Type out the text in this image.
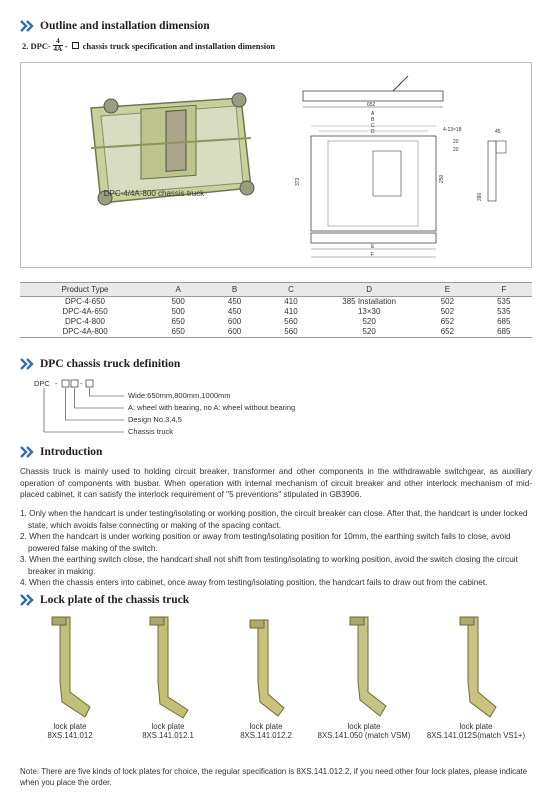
Outline and installation dimension
2. $DPC- \frac{4}{4A}$ - chassis truck specification and installation dimension
DPC-4/4A-800 chassis truck
652
A
B
C
D
373	250
E
F
4-13×18	45
280
20
20
Product Type	A	B	C	D	E	F
DPC-4-650	500	450	410	385 Installation	502	535
DPC-4A-650	500	450	410	13×30	502	535
DPC-4-800	650	600	560	520	652	685
DPC-4A-800	650	600	560	520	652	685
DPC chassis truck definition
DPC -	-
Wide:650mm,800mm,1000mm
A: wheel with bearing, no A: wheel without bearing
Design No.3,4,5
Chassis truck
Introduction

Chassis truck is mainly used to holding circuit breaker, transformer and other components in the withdrawable switchgear, as auxiliary operation of components with busbar. When operation with internal mechanism of circuit breaker and other interlock mechanism of mid-placed cabinet, it can satisfy the interlock requirement of "5 preventions" stipulated in GB3906.

1. Only when the handcart is under testing/isolating or working position, the circuit breaker can close. After that, the handcart is under locked state, which avoids false connecting or making of the spacing contact.
2. When the handcart is under working position or away from testing/isolating position for 10mm, the earthing switch fails to close, avoid powered false making of the switch.
3. When the earthing switch close, the handcart shall not shift from testing/isolating to working position, avoid the switch closing the circuit breaker in making.
4. When the chassis enters into cabinet, once away from testing/isolating position, the handcart fails to draw out from the cabinet.
Lock plate of the chassis truck
lock plate
8XS.141.012
lock plate
8XS.141.012.1
lock plate
8XS.141.012.2
lock plate
8XS.141.050 (match VSM)
lock plate
8XS.141.012S(match VS1+)

Note: There are five kinds of lock plates for choice, the regular specification is 8XS.141.012.2, if you need other four lock plates, please indicate when you place the order.
